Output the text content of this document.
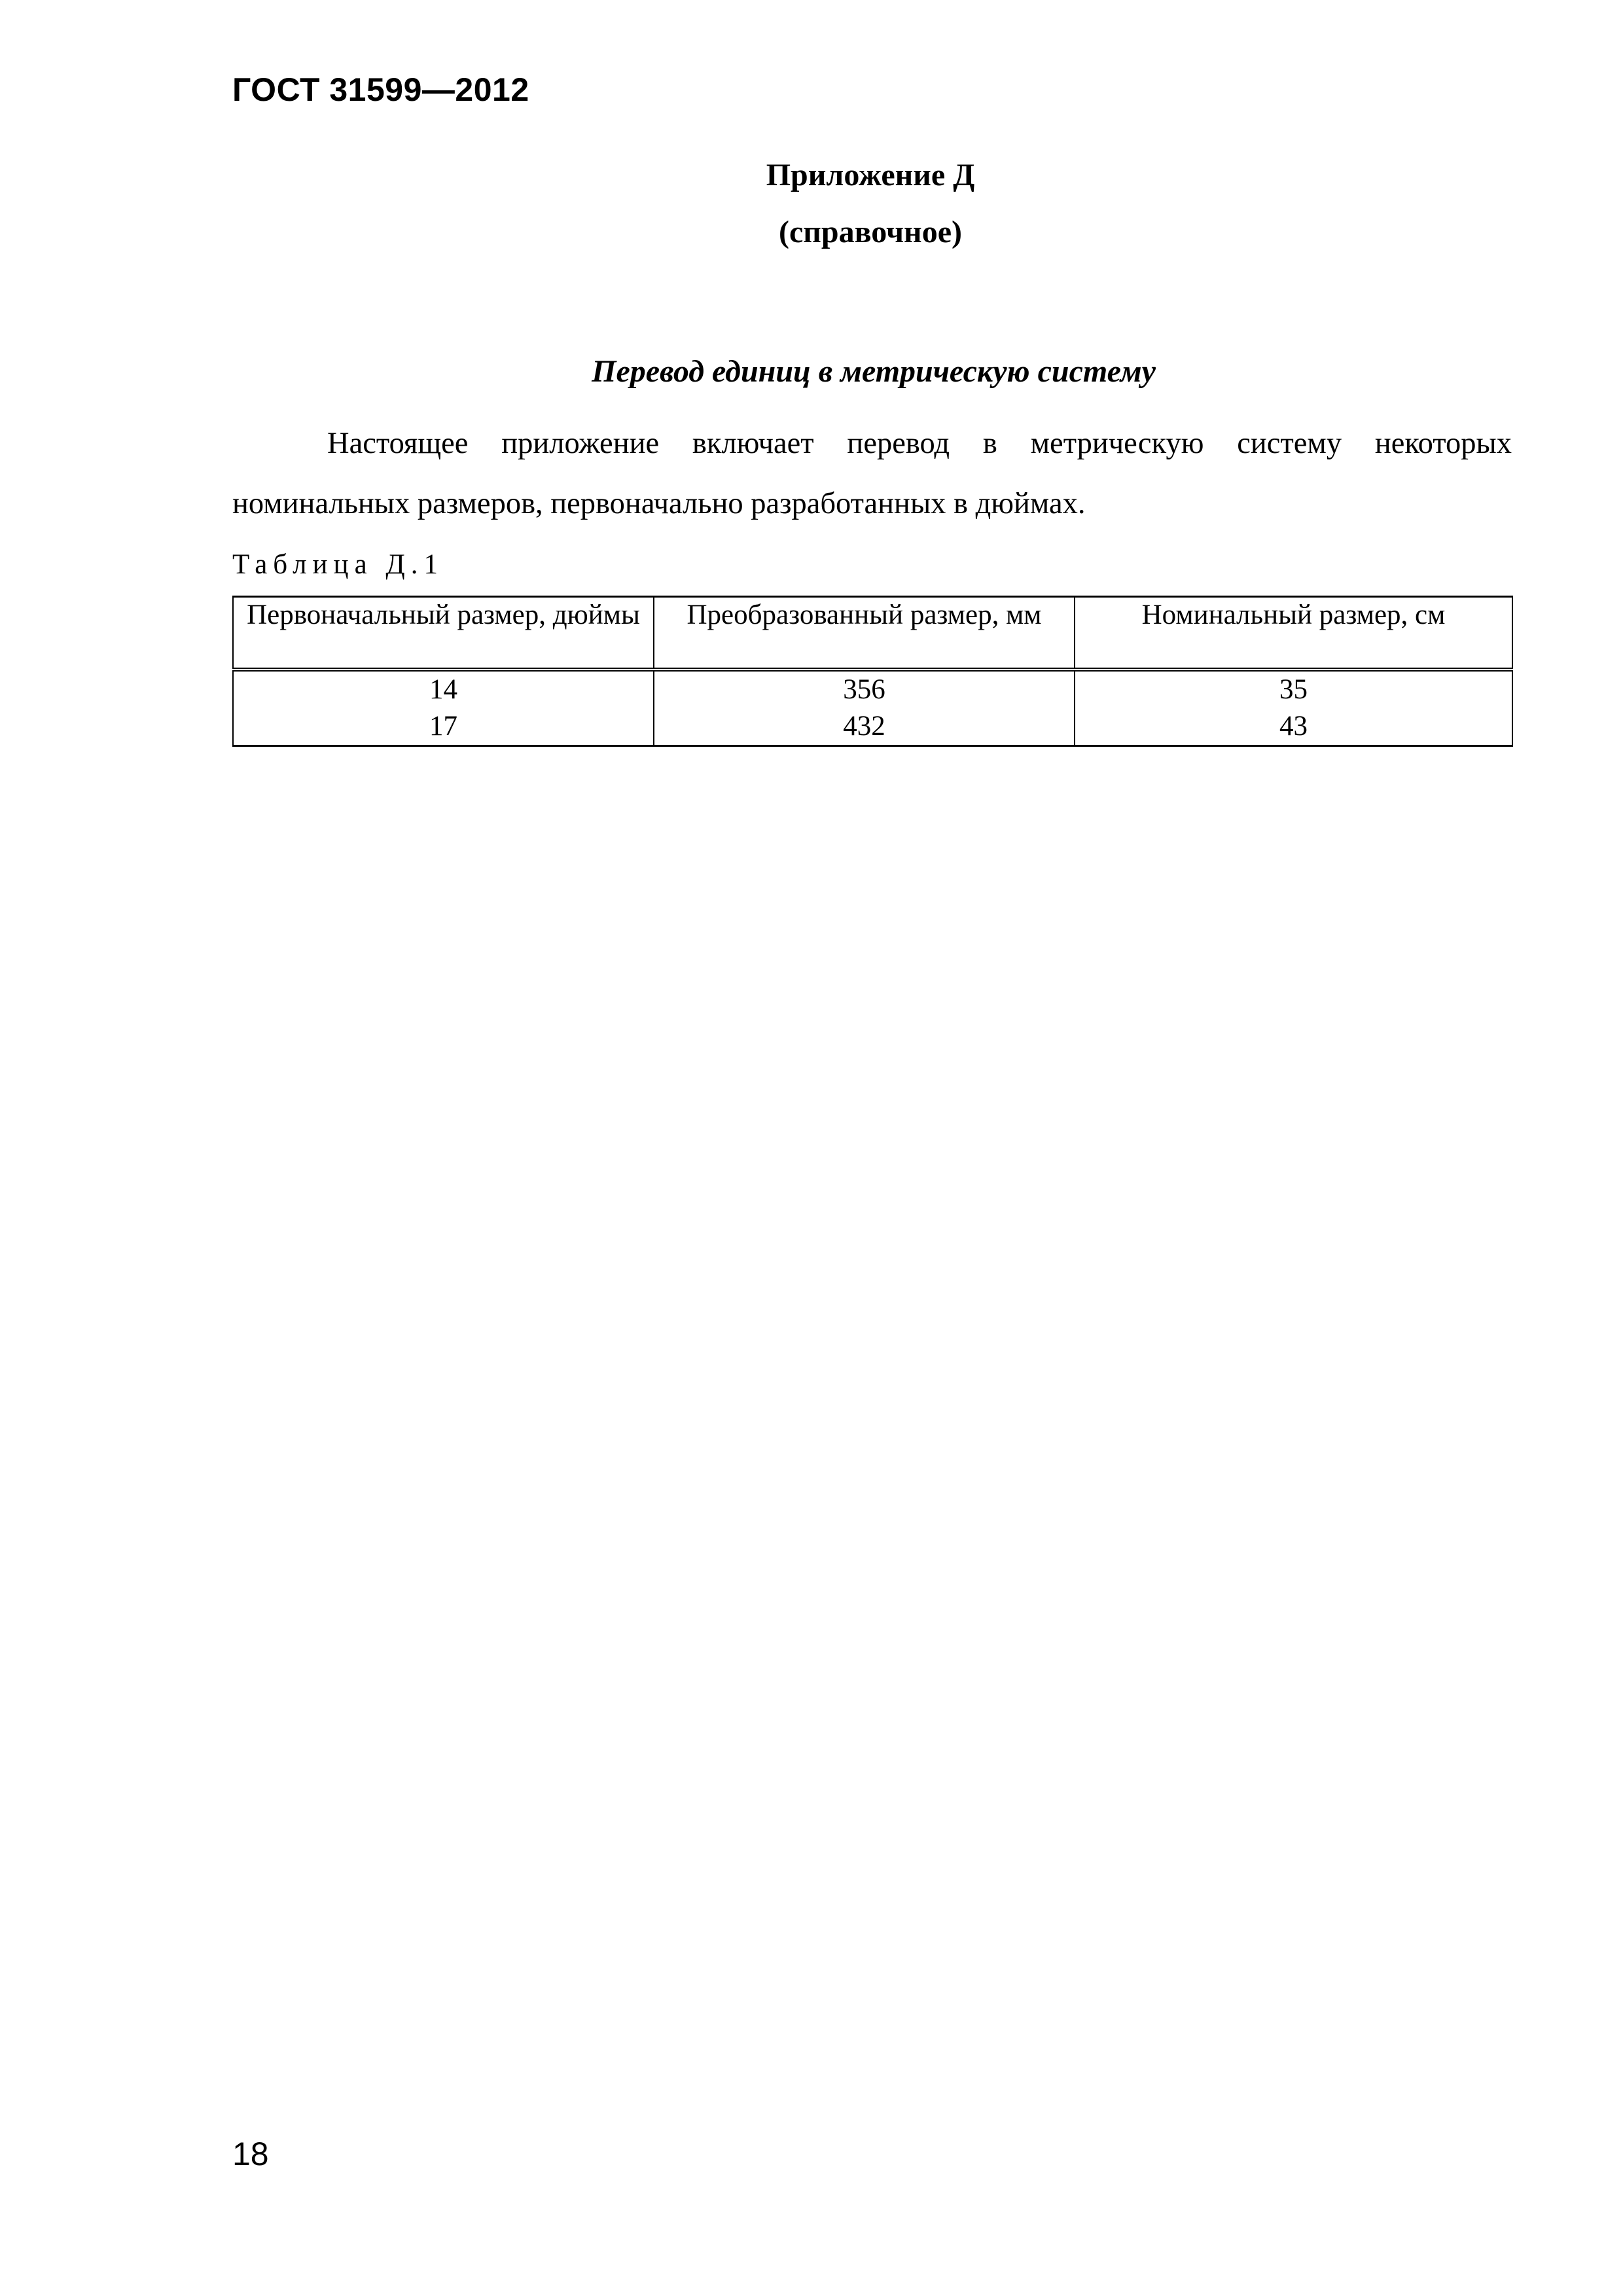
ГОСТ 31599—2012
Приложение Д
(справочное)
Перевод единиц в метрическую систему

Настоящее приложение включает перевод в метрическую систему некоторых номинальных размеров, первоначально разработанных в дюймах.

Таблица Д.1
Первоначальный размер, дюймы	Преобразованный размер, мм	Номинальный размер, см
14	356	35
17	432	43
18
